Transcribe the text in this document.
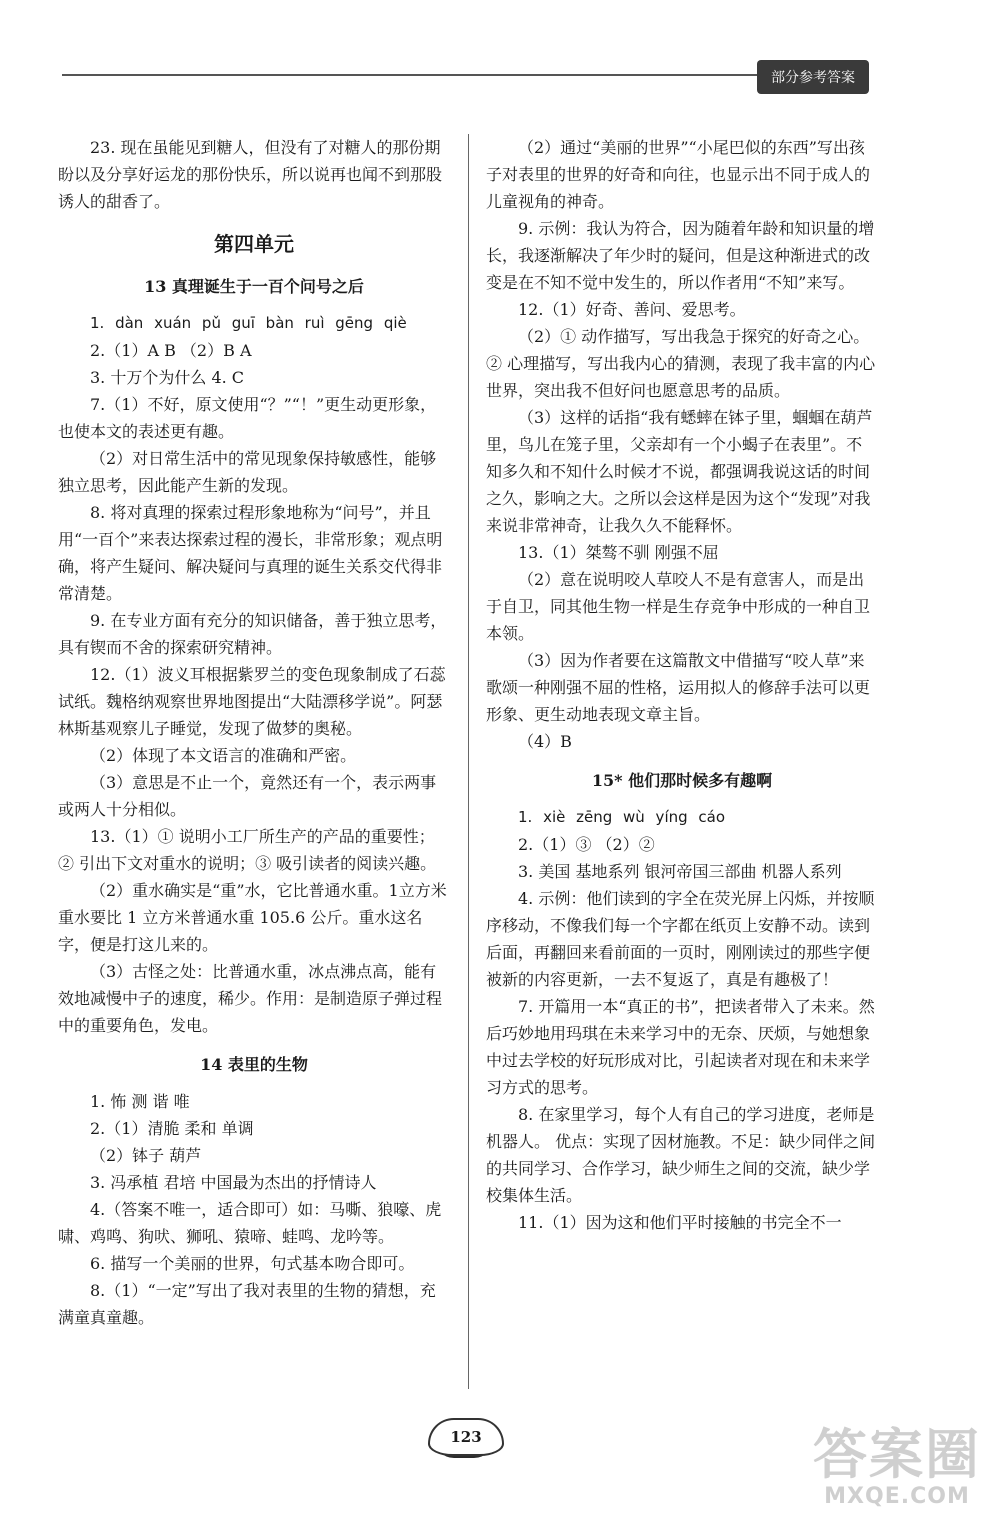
部分参考答案

23. 现在虽能见到糖人，但没有了对糖人的那份期盼以及分享好运龙的那份快乐，所以说再也闻不到那股诱人的甜香了。

第四单元
13 真理诞生于一百个问号之后

1. dàn xuán pǔ guī bàn ruì gēng qiè

2.（1）A B （2）B A

3. 十万个为什么 4. C

7.（1）不好，原文使用“？”“！”更生动更形象，也使本文的表述更有趣。

（2）对日常生活中的常见现象保持敏感性，能够独立思考，因此能产生新的发现。

8. 将对真理的探索过程形象地称为“问号”，并且用“一百个”来表达探索过程的漫长，非常形象；观点明确，将产生疑问、解决疑问与真理的诞生关系交代得非常清楚。

9. 在专业方面有充分的知识储备，善于独立思考，具有锲而不舍的探索研究精神。

12.（1）波义耳根据紫罗兰的变色现象制成了石蕊试纸。魏格纳观察世界地图提出“大陆漂移学说”。阿瑟林斯基观察儿子睡觉，发现了做梦的奥秘。

（2）体现了本文语言的准确和严密。

（3）意思是不止一个，竟然还有一个，表示两事或两人十分相似。

13.（1）① 说明小工厂所生产的产品的重要性；② 引出下文对重水的说明；③ 吸引读者的阅读兴趣。

（2）重水确实是“重”水，它比普通水重。1立方米重水要比 1 立方米普通水重 105.6 公斤。重水这名字，便是打这儿来的。

（3）古怪之处：比普通水重，冰点沸点高，能有效地减慢中子的速度，稀少。作用：是制造原子弹过程中的重要角色，发电。

14 表里的生物

1. 怖 测 谐 唯

2.（1）清脆 柔和 单调

（2）钵子 葫芦

3. 冯承植 君培 中国最为杰出的抒情诗人

4.（答案不唯一，适合即可）如：马嘶、狼嚎、虎啸、鸡鸣、狗吠、狮吼、猿啼、蛙鸣、龙吟等。

6. 描写一个美丽的世界，句式基本吻合即可。

8.（1）“一定”写出了我对表里的生物的猜想，充满童真童趣。

（2）通过“美丽的世界”“小尾巴似的东西”写出孩子对表里的世界的好奇和向往，也显示出不同于成人的儿童视角的神奇。

9. 示例：我认为符合，因为随着年龄和知识量的增长，我逐渐解决了年少时的疑问，但是这种渐进式的改变是在不知不觉中发生的，所以作者用“不知”来写。

12.（1）好奇、善问、爱思考。

（2）① 动作描写，写出我急于探究的好奇之心。② 心理描写，写出我内心的猜测，表现了我丰富的内心世界，突出我不但好问也愿意思考的品质。

（3）这样的话指“我有蟋蟀在钵子里，蝈蝈在葫芦里，鸟儿在笼子里，父亲却有一个小蝎子在表里”。不知多久和不知什么时候才不说，都强调我说这话的时间之久，影响之大。之所以会这样是因为这个“发现”对我来说非常神奇，让我久久不能释怀。

13.（1）桀骜不驯 刚强不屈

（2）意在说明咬人草咬人不是有意害人，而是出于自卫，同其他生物一样是生存竞争中形成的一种自卫本领。

（3）因为作者要在这篇散文中借描写“咬人草”来歌颂一种刚强不屈的性格，运用拟人的修辞手法可以更形象、更生动地表现文章主旨。

（4）B

15* 他们那时候多有趣啊

1. xiè zēng wù yíng cáo

2.（1）③ （2）②

3. 美国 基地系列 银河帝国三部曲 机器人系列

4. 示例：他们读到的字全在荧光屏上闪烁，并按顺序移动，不像我们每一个字都在纸页上安静不动。读到后面，再翻回来看前面的一页时，刚刚读过的那些字便被新的内容更新，一去不复返了，真是有趣极了！

7. 开篇用一本“真正的书”，把读者带入了未来。然后巧妙地用玛琪在未来学习中的无奈、厌烦，与她想象中过去学校的好玩形成对比，引起读者对现在和未来学习方式的思考。

8. 在家里学习，每个人有自己的学习进度，老师是机器人。 优点：实现了因材施教。不足：缺少同伴之间的共同学习、合作学习，缺少师生之间的交流，缺少学校集体生活。

11.（1）因为这和他们平时接触的书完全不一

123	答案圈
MXQE.COM
